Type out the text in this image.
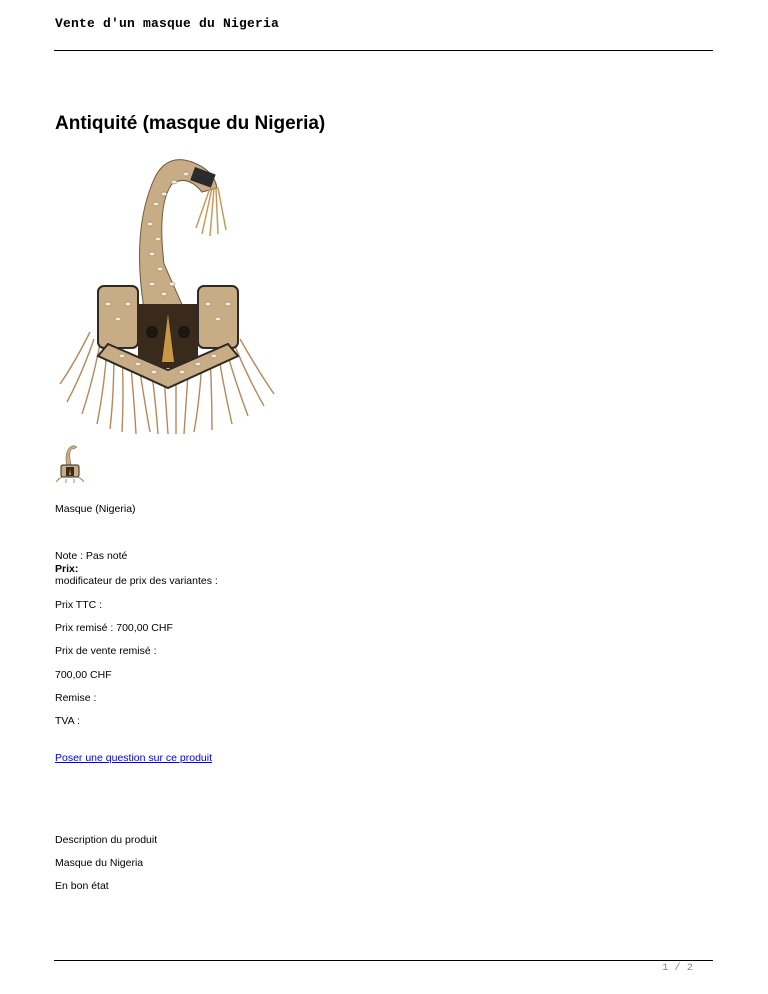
Vente d'un masque du Nigeria
Antiquité (masque du Nigeria)
Masque (Nigeria)
Note : Pas noté
Prix:
modificateur de prix des variantes :
Prix TTC :
Prix remisé : 700,00 CHF
Prix de vente remisé :
700,00 CHF
Remise :
TVA :
Poser une question sur ce produit
Description du produit
Masque du Nigeria
En bon état
1 / 2
